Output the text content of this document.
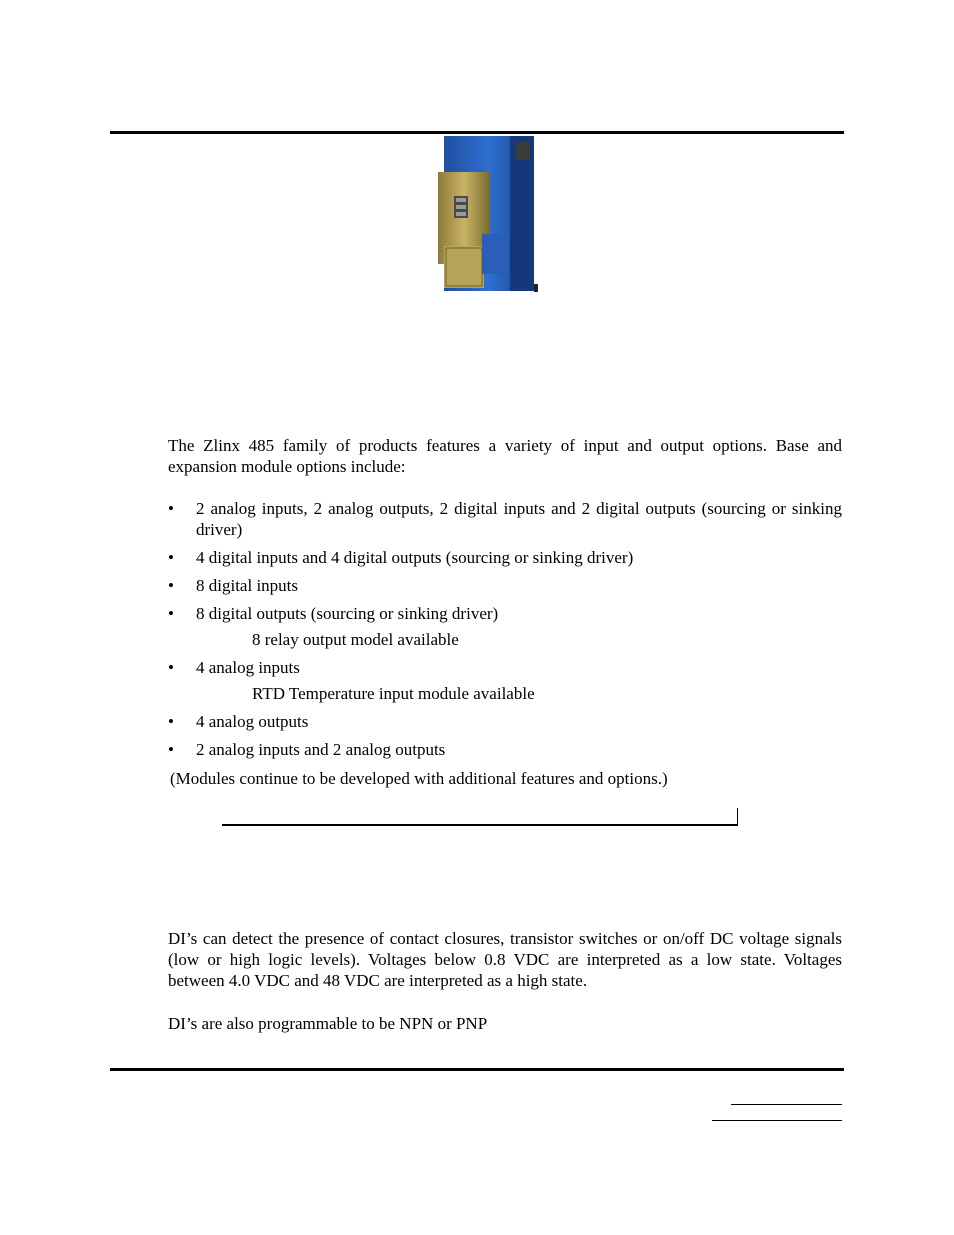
The Zlinx 485 family of products features a variety of input and output options. Base and expansion module options include:

• 2 analog inputs, 2 analog outputs, 2 digital inputs and 2 digital outputs (sourcing or sinking driver)
• 4 digital inputs and 4 digital outputs (sourcing or sinking driver)
• 8 digital inputs
• 8 digital outputs (sourcing or sinking driver)
8 relay output model available
• 4 analog inputs
RTD Temperature input module available
• 4 analog outputs
• 2 analog inputs and 2 analog outputs

(Modules continue to be developed with additional features and options.)

DI’s can detect the presence of contact closures, transistor switches or on/off DC voltage signals (low or high logic levels). Voltages below 0.8 VDC are interpreted as a low state. Voltages between 4.0 VDC and 48 VDC are interpreted as a high state.

DI’s are also programmable to be NPN or PNP
